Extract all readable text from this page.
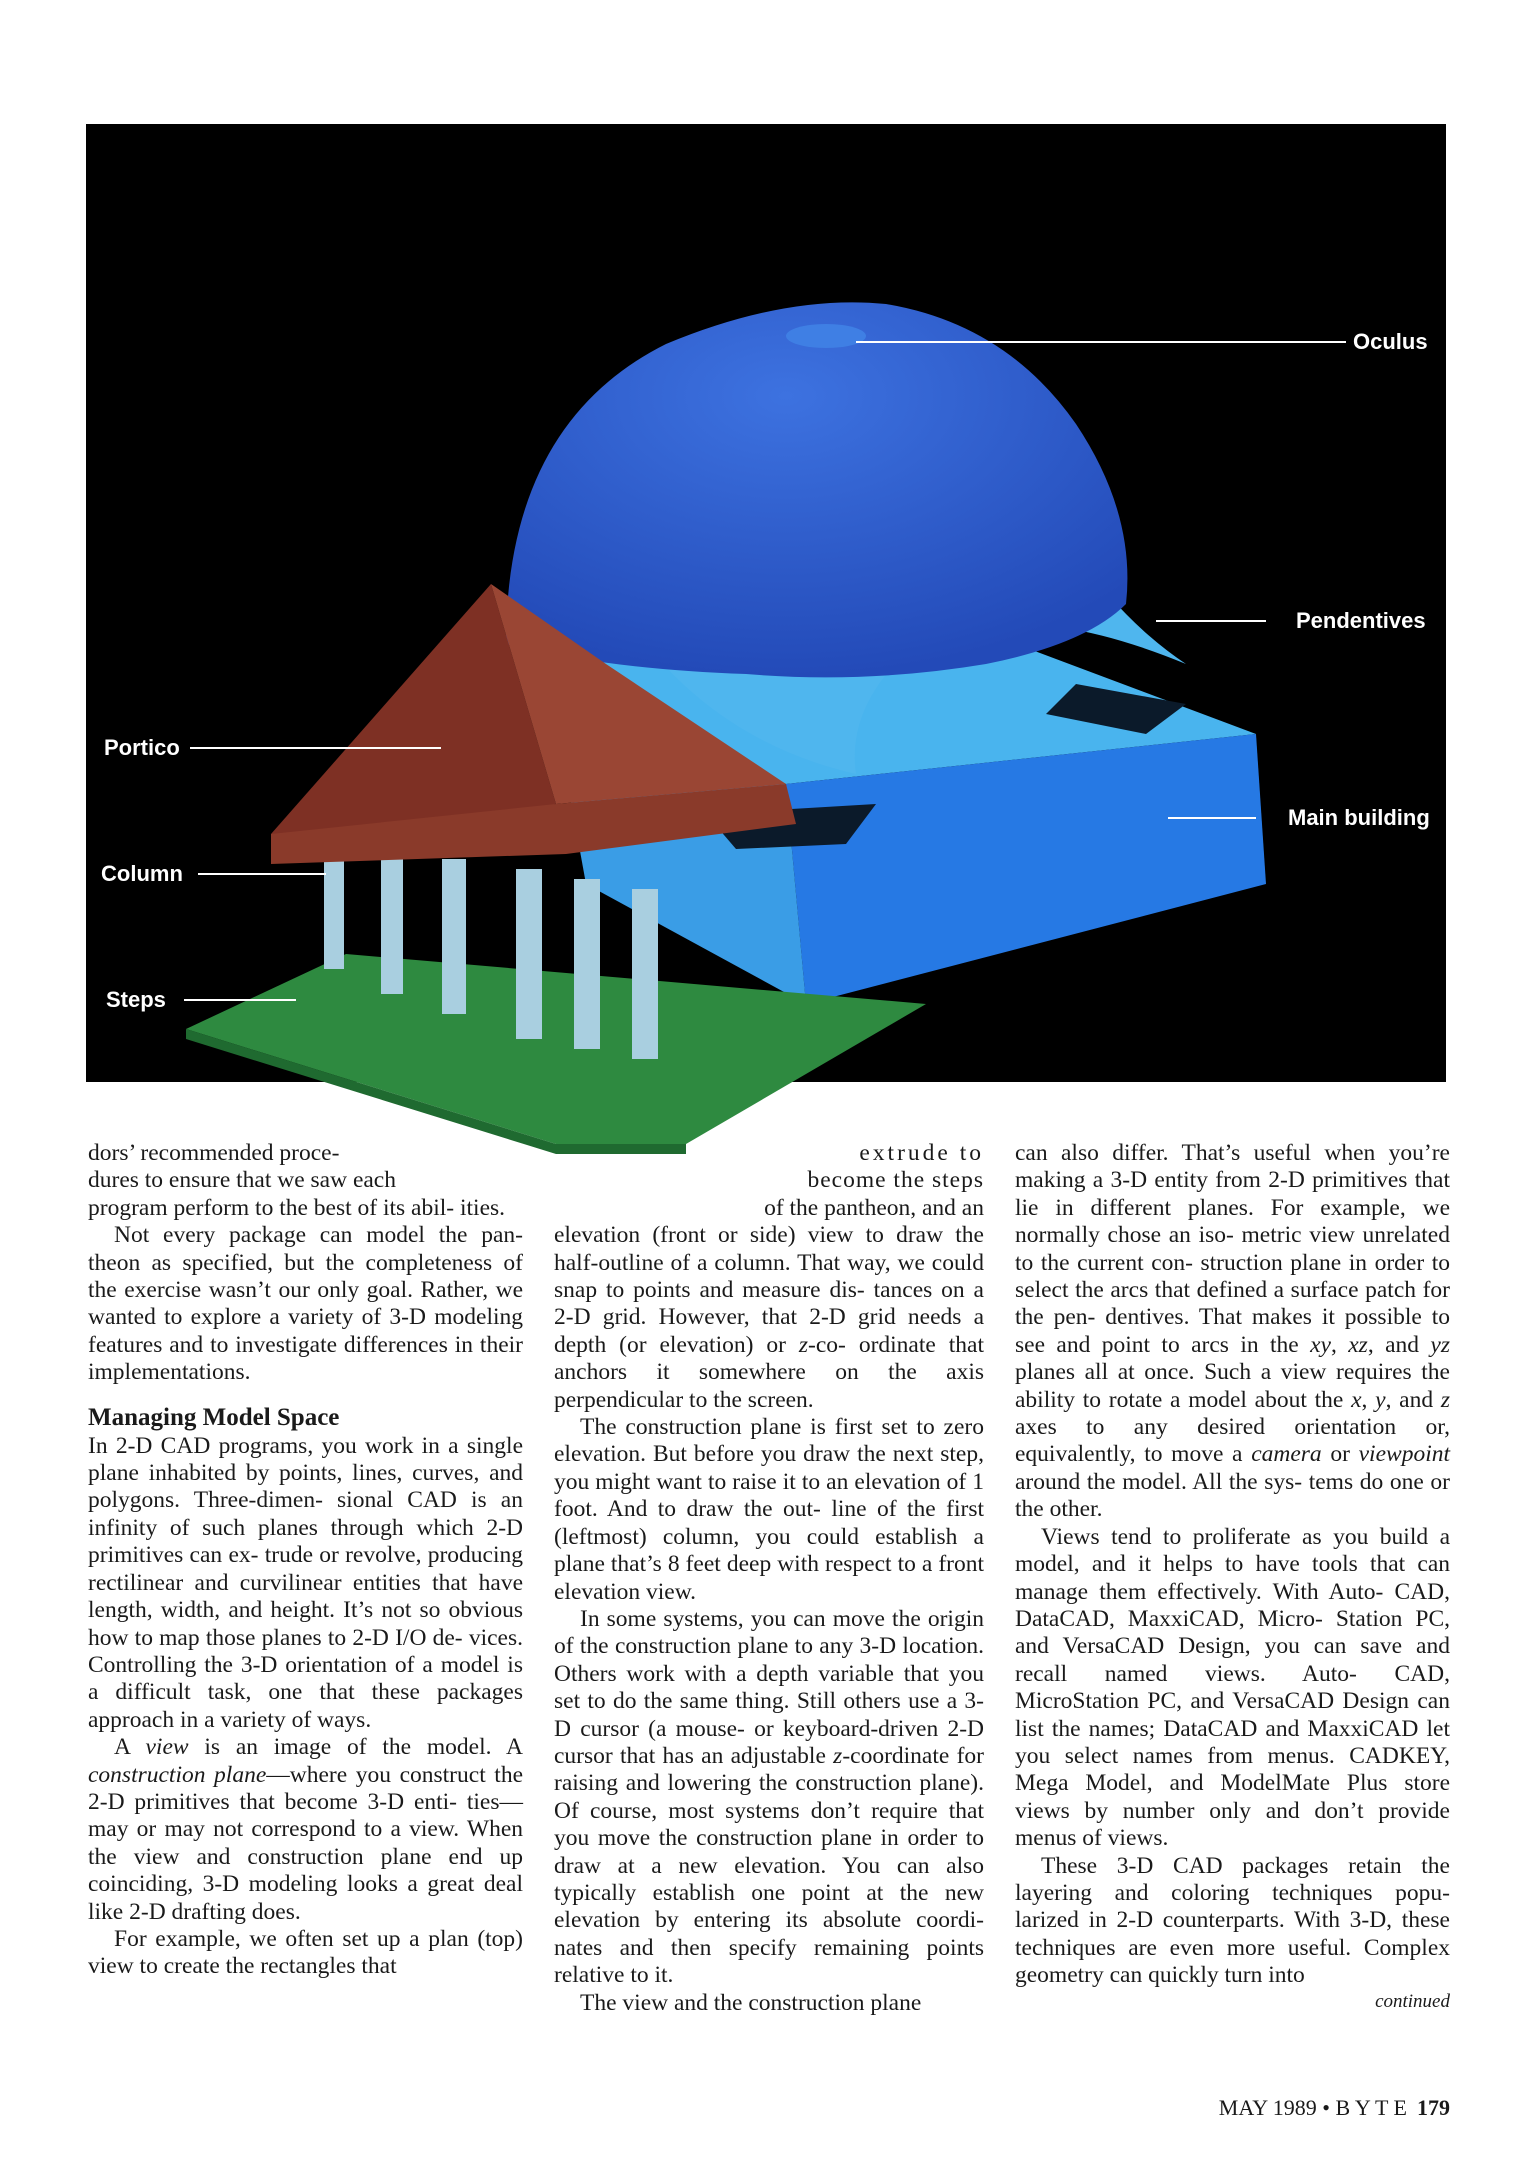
Oculus
Pendentives
Portico
Main building
Column
Steps

dors’ recommended proce-

dures to ensure that we saw each

program perform to the best of its abil- ities.

Not every package can model the pan- theon as specified, but the completeness of the exercise wasn’t our only goal. Rather, we wanted to explore a variety of 3-D modeling features and to investigate differences in their implementations.

Managing Model Space

In 2-D CAD programs, you work in a single plane inhabited by points, lines, curves, and polygons. Three-dimen- sional CAD is an infinity of such planes through which 2-D primitives can ex- trude or revolve, producing rectilinear and curvilinear entities that have length, width, and height. It’s not so obvious how to map those planes to 2-D I/O de- vices. Controlling the 3-D orientation of a model is a difficult task, one that these packages approach in a variety of ways.

A view is an image of the model. A construction plane—where you construct the 2-D primitives that become 3-D enti- ties—may or may not correspond to a view. When the view and construction plane end up coinciding, 3-D modeling looks a great deal like 2-D drafting does.

For example, we often set up a plan (top) view to create the rectangles that

extrude to

become the steps

of the pantheon, and an

elevation (front or side) view to draw the half-outline of a column. That way, we could snap to points and measure dis- tances on a 2-D grid. However, that 2-D grid needs a depth (or elevation) or z-co- ordinate that anchors it somewhere on the axis perpendicular to the screen.

The construction plane is first set to zero elevation. But before you draw the next step, you might want to raise it to an elevation of 1 foot. And to draw the out- line of the first (leftmost) column, you could establish a plane that’s 8 feet deep with respect to a front elevation view.

In some systems, you can move the origin of the construction plane to any 3-D location. Others work with a depth variable that you set to do the same thing. Still others use a 3-D cursor (a mouse- or keyboard-driven 2-D cursor that has an adjustable z-coordinate for raising and lowering the construction plane). Of course, most systems don’t require that you move the construction plane in order to draw at a new elevation. You can also typically establish one point at the new elevation by entering its absolute coordi- nates and then specify remaining points relative to it.

The view and the construction plane

can also differ. That’s useful when you’re making a 3-D entity from 2-D primitives that lie in different planes. For example, we normally chose an iso- metric view unrelated to the current con- struction plane in order to select the arcs that defined a surface patch for the pen- dentives. That makes it possible to see and point to arcs in the xy, xz, and yz planes all at once. Such a view requires the ability to rotate a model about the x, y, and z axes to any desired orientation or, equivalently, to move a camera or viewpoint around the model. All the sys- tems do one or the other.

Views tend to proliferate as you build a model, and it helps to have tools that can manage them effectively. With Auto- CAD, DataCAD, MaxxiCAD, Micro- Station PC, and VersaCAD Design, you can save and recall named views. Auto- CAD, MicroStation PC, and VersaCAD Design can list the names; DataCAD and MaxxiCAD let you select names from menus. CADKEY, Mega Model, and ModelMate Plus store views by number only and don’t provide menus of views.

These 3-D CAD packages retain the layering and coloring techniques popu- larized in 2-D counterparts. With 3-D, these techniques are even more useful. Complex geometry can quickly turn into

continued

MAY 1989 • B Y T E 179
